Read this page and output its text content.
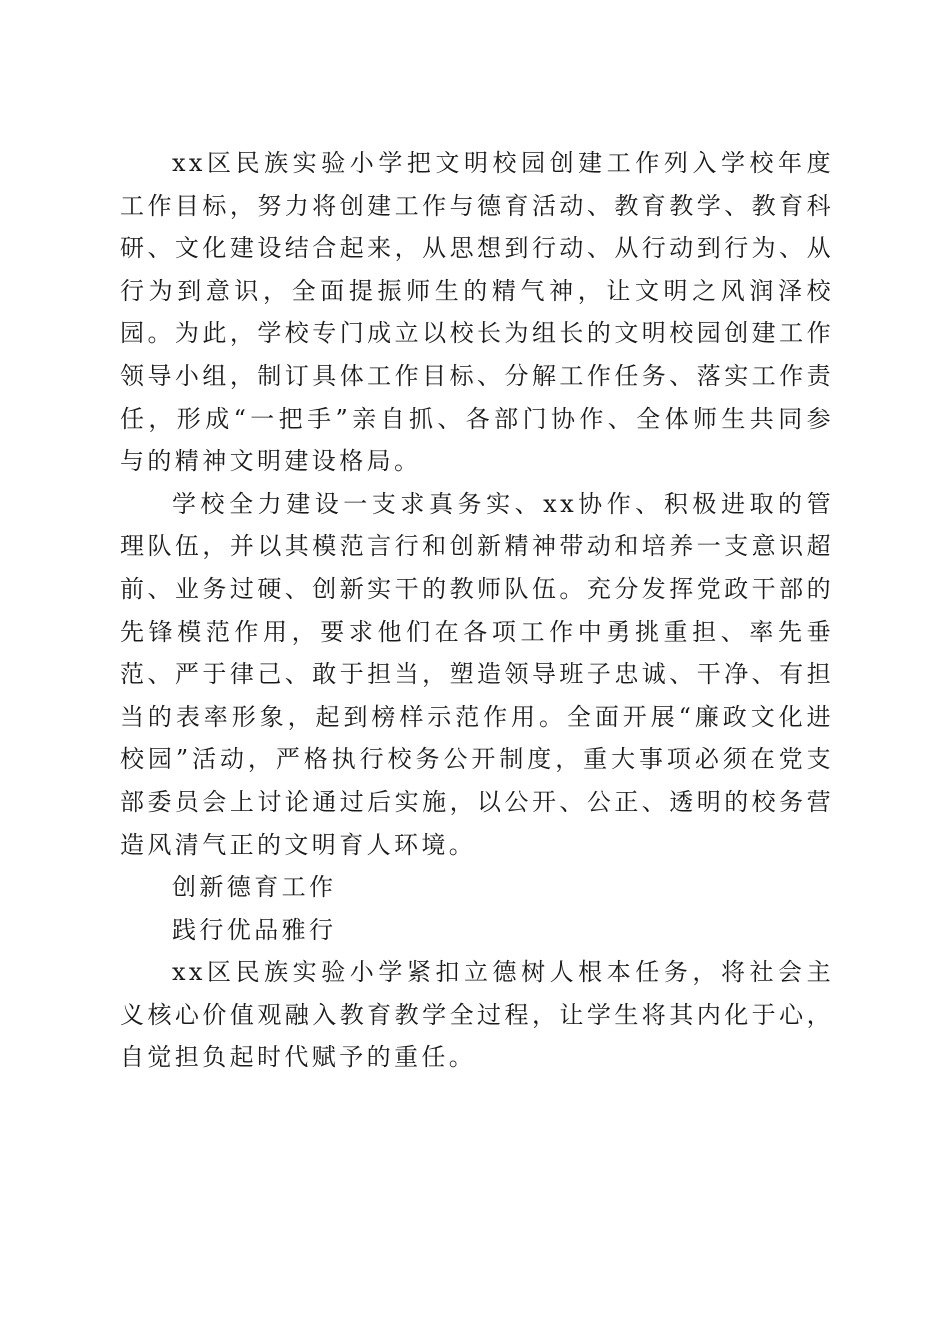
xx区民族实验小学把文明校园创建工作列入学校年度工作目标，努力将创建工作与德育活动、教育教学、教育科研、文化建设结合起来，从思想到行动、从行动到行为、从行为到意识，全面提振师生的精气神，让文明之风润泽校园。为此，学校专门成立以校长为组长的文明校园创建工作领导小组，制订具体工作目标、分解工作任务、落实工作责任，形成“一把手”亲自抓、各部门协作、全体师生共同参与的精神文明建设格局。

学校全力建设一支求真务实、xx协作、积极进取的管理队伍，并以其模范言行和创新精神带动和培养一支意识超前、业务过硬、创新实干的教师队伍。充分发挥党政干部的先锋模范作用，要求他们在各项工作中勇挑重担、率先垂范、严于律己、敢于担当，塑造领导班子忠诚、干净、有担当的表率形象，起到榜样示范作用。全面开展“廉政文化进校园”活动，严格执行校务公开制度，重大事项必须在党支部委员会上讨论通过后实施，以公开、公正、透明的校务营造风清气正的文明育人环境。

创新德育工作

践行优品雅行

xx区民族实验小学紧扣立德树人根本任务，将社会主义核心价值观融入教育教学全过程，让学生将其内化于心，自觉担负起时代赋予的重任。
